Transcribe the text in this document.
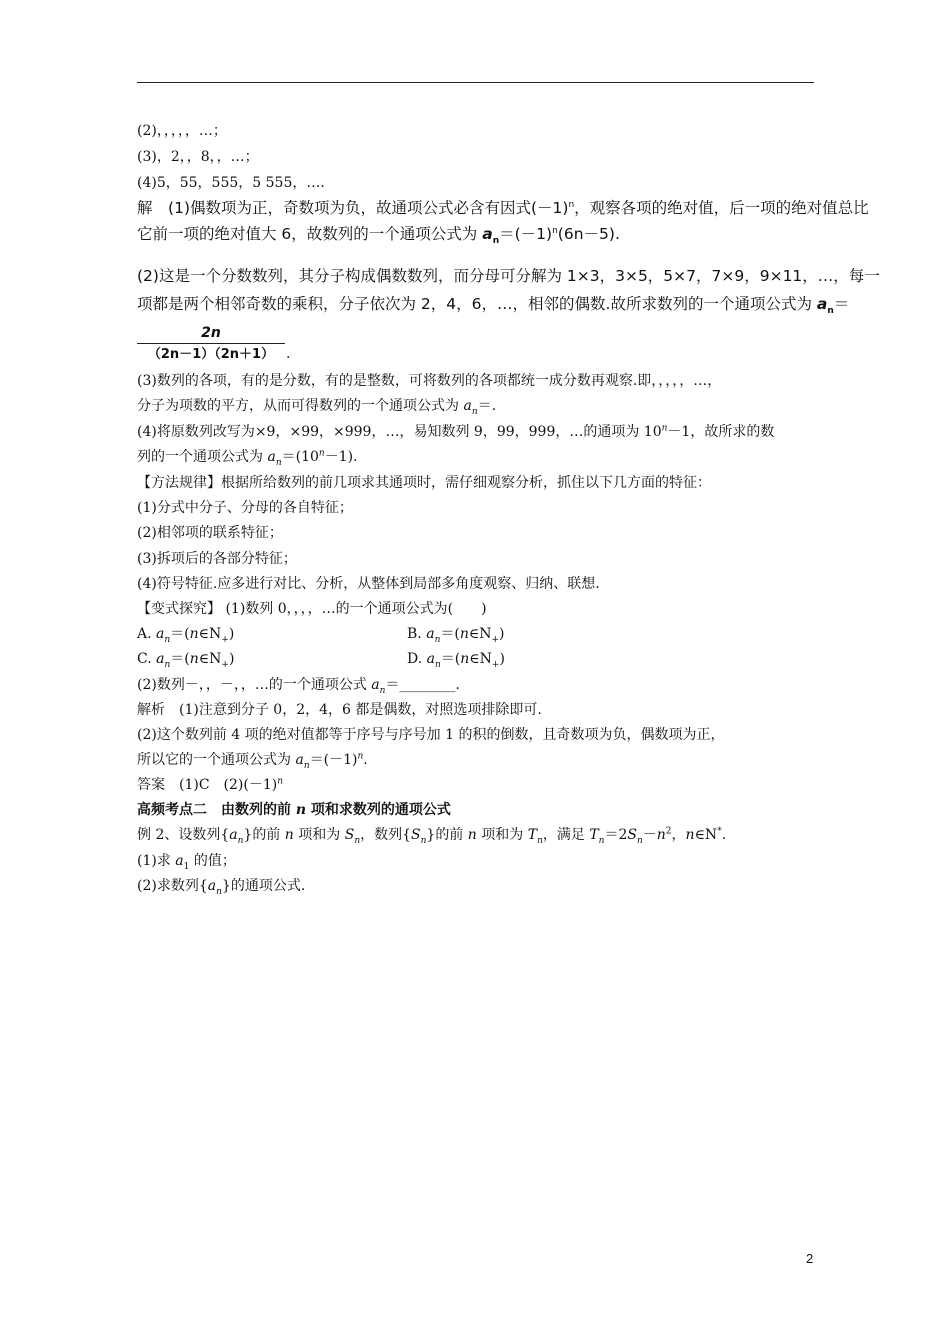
(2)，，，，，…；
(3)，2，，8，，…；
(4)5，55，555，5 555，….
解　 (1)偶数项为正，奇数项为负，故通项公式必含有因式$(-1)^n$，观察各项的绝对值，后一项的绝对值总比
它前一项的绝对值大 6，故数列的一个通项公式为 $a_n=(-1)^n(6n-5)$.
(2)这是一个分数数列，其分子构成偶数数列，而分母可分解为 1×3，3×5，5×7，7×9，9×11，…，每一
项都是两个相邻奇数的乘积，分子依次为 2，4，6，…，相邻的偶数.故所求数列的一个通项公式为 $a_n=$
2n
（2n－1）（2n＋1） .
(3)数列的各项，有的是分数，有的是整数，可将数列的各项都统一成分数再观察.即，，，，，…，
分子为项数的平方，从而可得数列的一个通项公式为 $a_n=$.
(4)将原数列改写为×9，×99，×999，…，易知数列 9，99，999，…的通项为 $10^n-1$，故所求的数
列的一个通项公式为 $a_n=(10^n-1)$.
【方法规律】根据所给数列的前几项求其通项时，需仔细观察分析，抓住以下几方面的特征：
(1)分式中分子、分母的各自特征；
(2)相邻项的联系特征；
(3)拆项后的各部分特征；
(4)符号特征.应多进行对比、分析，从整体到局部多角度观察、归纳、联想.
【变式探究】 (1)数列 0，，，，…的一个通项公式为(　　)
A. $a_n=(n\in N_+)$	B. $a_n=(n\in N_+)$
C. $a_n=(n\in N_+)$	D. $a_n=(n\in N_+)$
(2)数列－，，－，，…的一个通项公式 $a_n=\_\_\_\_\_\_\_\_$.
解析　(1)注意到分子 0，2，4，6 都是偶数，对照选项排除即可.
(2)这个数列前 4 项的绝对值都等于序号与序号加 1 的积的倒数，且奇数项为负，偶数项为正，
所以它的一个通项公式为 $a_n=(-1)^n$.
答案　(1)C　$(2)(-1)^n$
高频考点二　由数列的前 n 项和求数列的通项公式
例 2、设数列$\{a_n\}$的前 n 项和为 $S_n$，数列$\{S_n\}$的前 n 项和为 $T_n$，满足 $T_n=2S_n-n^2$，n∈N*.
(1)求 $a_1$ 的值；
(2)求数列$\{a_n\}$的通项公式.
2
